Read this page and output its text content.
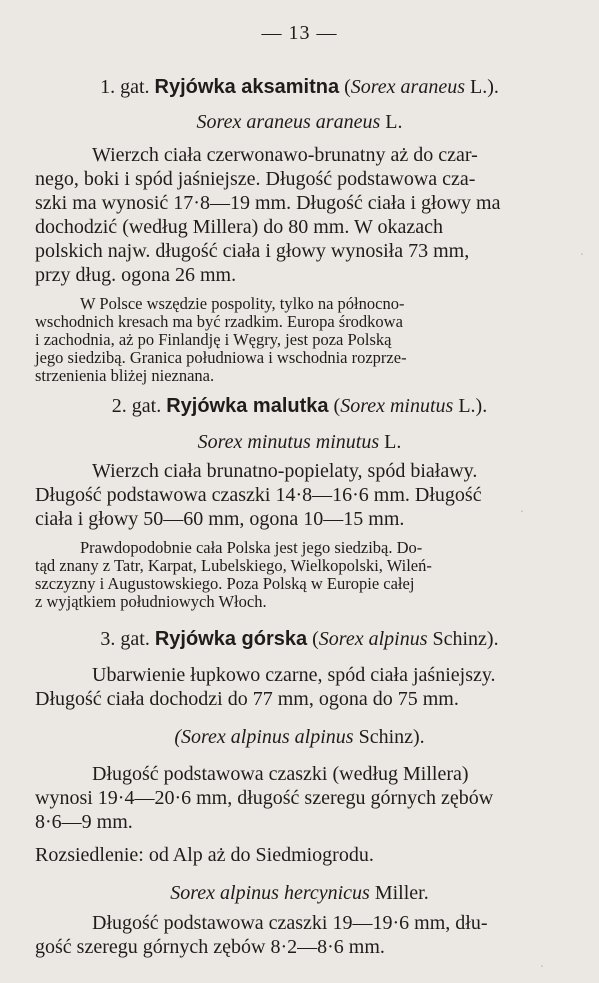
— 13 —
1. gat. Ryjówka aksamitna (Sorex araneus L.).
Sorex araneus araneus L.
Wierzch ciała czerwonawo-brunatny aż do czar-
nego, boki i spód jaśniejsze. Długość podstawowa cza-
szki ma wynosić 17·8—19 mm. Długość ciała i głowy ma
dochodzić (według Millera) do 80 mm. W okazach
polskich najw. długość ciała i głowy wynosiła 73 mm,
przy dług. ogona 26 mm.
W Polsce wszędzie pospolity, tylko na północno-
wschodnich kresach ma być rzadkim. Europa środkowa
i zachodnia, aż po Finlandję i Węgry, jest poza Polską
jego siedzibą. Granica południowa i wschodnia rozprze-
strzenienia bliżej nieznana.
2. gat. Ryjówka malutka (Sorex minutus L.).
Sorex minutus minutus L.
Wierzch ciała brunatno-popielaty, spód białawy.
Długość podstawowa czaszki 14·8—16·6 mm. Długość
ciała i głowy 50—60 mm, ogona 10—15 mm.
Prawdopodobnie cała Polska jest jego siedzibą. Do-
tąd znany z Tatr, Karpat, Lubelskiego, Wielkopolski, Wileń-
szczyzny i Augustowskiego. Poza Polską w Europie całej
z wyjątkiem południowych Włoch.
3. gat. Ryjówka górska (Sorex alpinus Schinz).
Ubarwienie łupkowo czarne, spód ciała jaśniejszy.
Długość ciała dochodzi do 77 mm, ogona do 75 mm.
(Sorex alpinus alpinus Schinz).
Długość podstawowa czaszki (według Millera)
wynosi 19·4—20·6 mm, długość szeregu górnych zębów
8·6—9 mm.
Rozsiedlenie: od Alp aż do Siedmiogrodu.
Sorex alpinus hercynicus Miller.
Długość podstawowa czaszki 19—19·6 mm, dłu-
gość szeregu górnych zębów 8·2—8·6 mm.
·
·
·
